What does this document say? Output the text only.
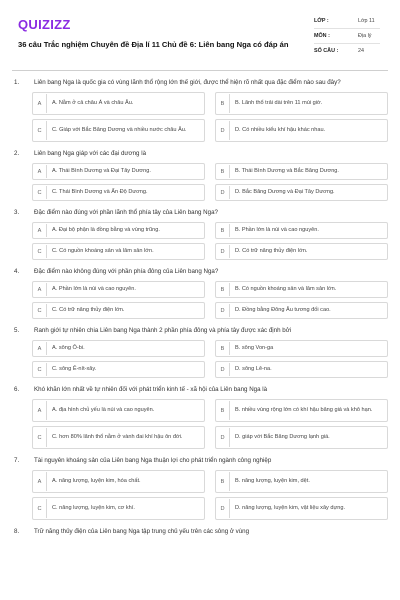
QUIZIZZ
36 câu Trắc nghiệm Chuyên đề Địa lí 11 Chủ đề 6: Liên bang Nga có đáp án
LỚP :	Lớp 11
MÔN :	Địa lý
SỐ CÂU :	24
1.	Liên bang Nga là quốc gia có vùng lãnh thổ rộng lớn thế giới, được thể hiện rõ nhất qua đặc điểm nào sau đây?
A	A. Nằm ở cả châu Á và châu Âu.	B	B. Lãnh thổ trải dài trên 11 múi giờ.
C	C. Giáp với Bắc Băng Dương và nhiều nước châu Âu.	D	D. Có nhiều kiểu khí hậu khác nhau.
2.	Liên bang Nga giáp với các đại dương là
A	A. Thái Bình Dương và Đại Tây Dương.	B	B. Thái Bình Dương và Bắc Băng Dương.
C	C. Thái Bình Dương và Ấn Độ Dương.	D	D. Bắc Băng Dương và Đại Tây Dương.
3.	Đặc điểm nào đúng với phần lãnh thổ phía tây của Liên bang Nga?
A	A. Đại bộ phận là đồng bằng và vùng trũng.	B	B. Phần lớn là núi và cao nguyên.
C	C. Có nguồn khoáng sản và lâm sản lớn.	D	D. Có trữ năng thủy điện lớn.
4.	Đặc điểm nào không đúng với phần phía đông của Liên bang Nga?
A	A. Phần lớn là núi và cao nguyên.	B	B. Có nguồn khoáng sản và lâm sản lớn.
C	C. Có trữ năng thủy điện lớn.	D	D. Đồng bằng Đông Âu tương đối cao.
5.	Ranh giới tự nhiên chia Liên bang Nga thành 2 phần phía đông và phía tây được xác định bởi
A	A. sông Ô-bi.	B	B. sông Von-ga
C	C. sông Ê-nít-xây.	D	D. sông Lê-na.
6.	Khó khăn lớn nhất về tự nhiên đối với phát triển kinh tế - xã hội của Liên bang Nga là
A	A. địa hình chủ yếu là núi và cao nguyên.	B	B. nhiều vùng rộng lớn có khí hậu băng giá và khô hạn.
C	C. hơn 80% lãnh thổ nằm ở vành đai khí hậu ôn đới.	D	D. giáp với Bắc Băng Dương lạnh giá.
7.	Tài nguyên khoáng sản của Liên bang Nga thuận lợi cho phát triển ngành công nghiệp
A	A. năng lượng, luyện kim, hóa chất.	B	B. năng lượng, luyện kim, dệt.
C	C. năng lượng, luyện kim, cơ khí.	D	D. năng lượng, luyện kim, vật liệu xây dựng.
8.	Trữ năng thủy điện của Liên bang Nga tập trung chủ yếu trên các sông ở vùng
